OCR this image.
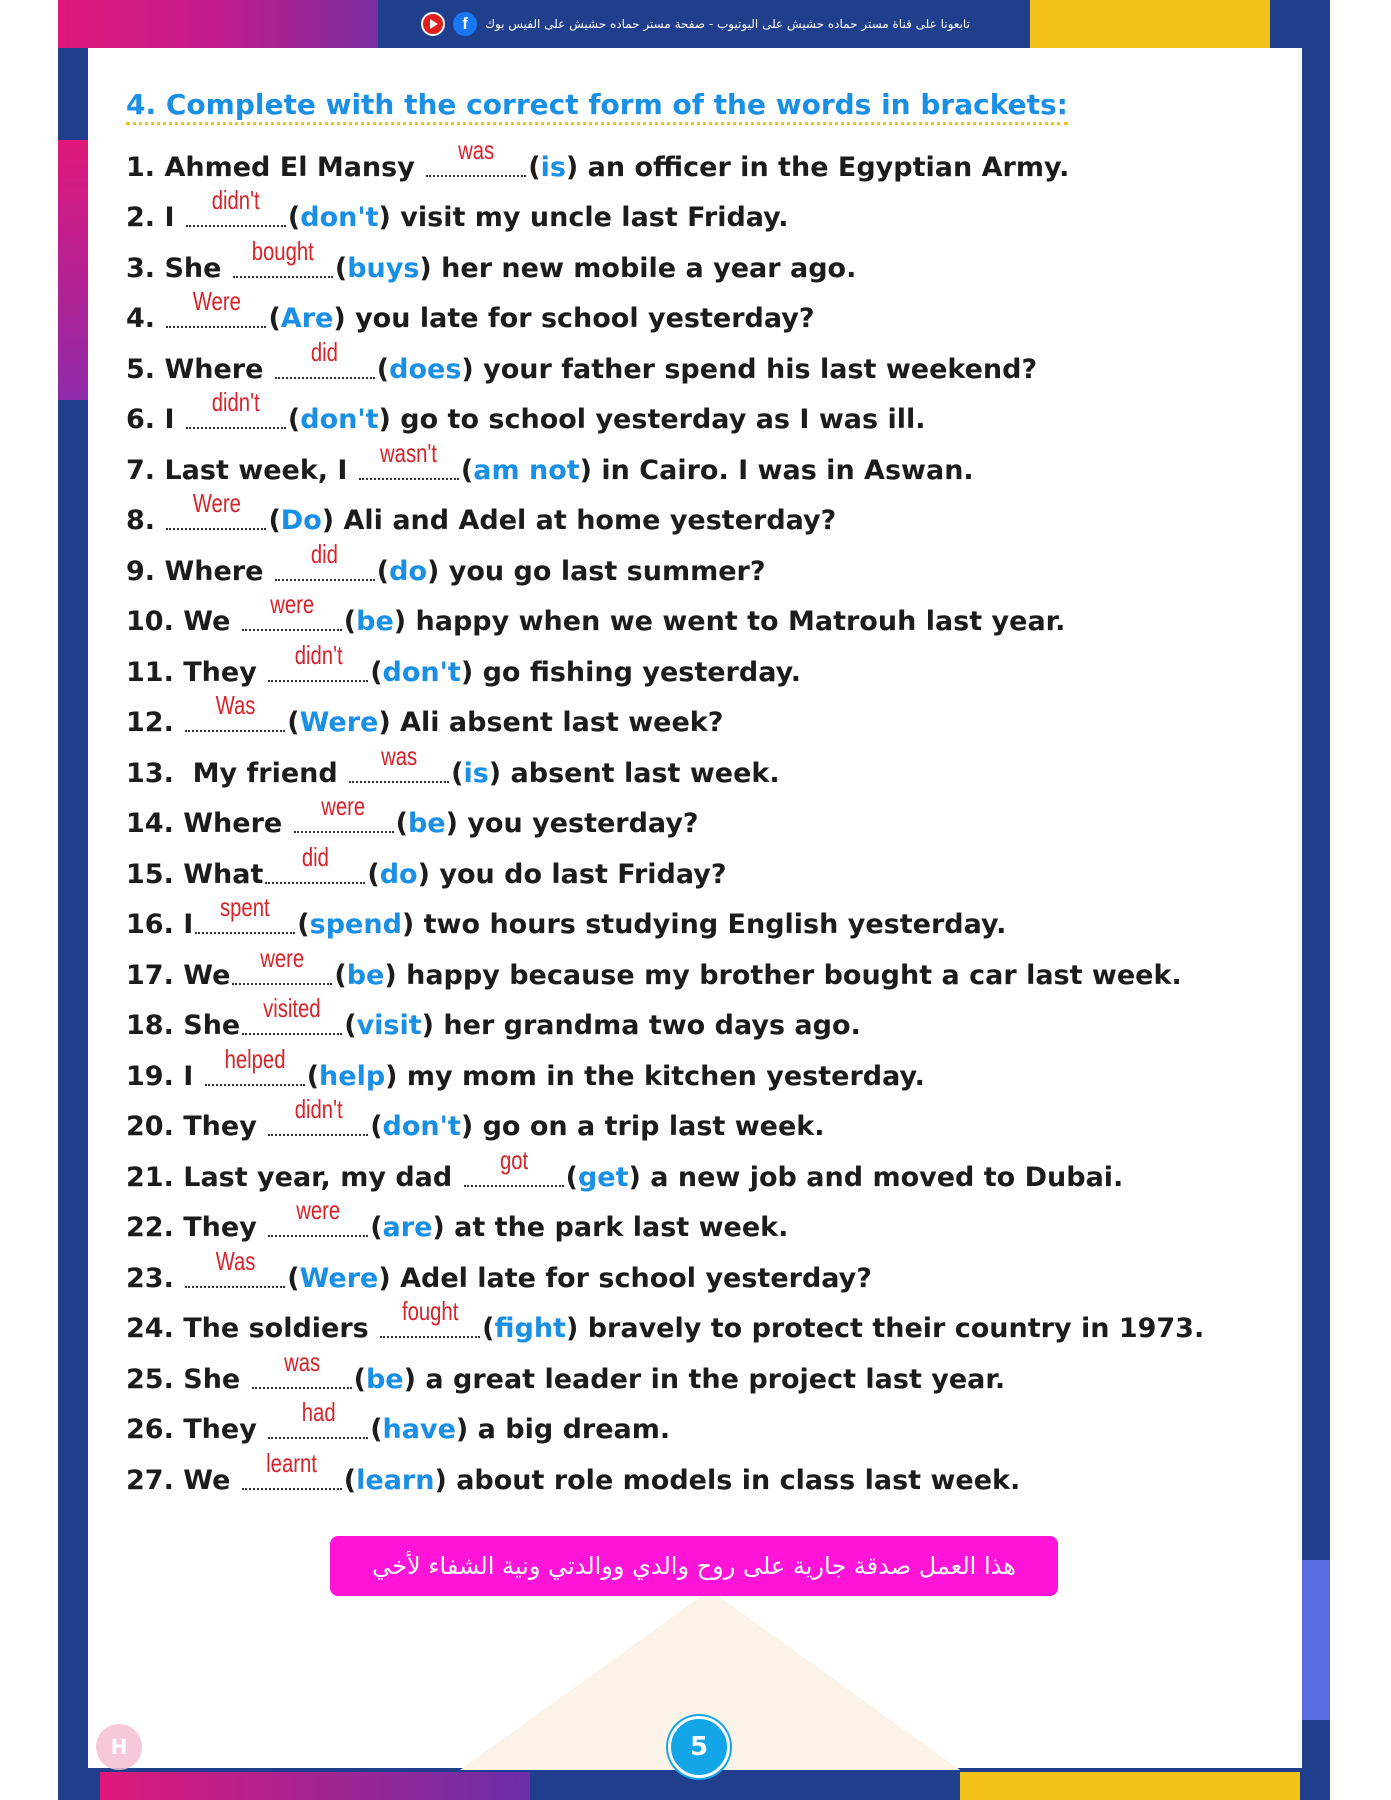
f	تابعونا على قناة مستر حماده حشيش على اليوتيوب - صفحة مستر حماده حشيش على الفيس بوك
4. Complete with the correct form of the words in brackets:
1.
Ahmed El Mansy
was
( is ) an officer in the Egyptian Army.
2.
I
didn't
( don't ) visit my uncle last Friday.
3.
She
bought
( buys ) her new mobile a year ago.
4.

Were
( Are ) you late for school yesterday?
5.
Where
did
( does ) your father spend his last weekend?
6.
I
didn't
( don't ) go to school yesterday as I was ill.
7.
Last week, I
wasn't
( am not ) in Cairo. I was in Aswan.
8.

Were
( Do ) Ali and Adel at home yesterday?
9.
Where
did
( do ) you go last summer?
10.
We
were
( be ) happy when we went to Matrouh last year.
11.
They
didn't
( don't ) go fishing yesterday.
12.

Was
( Were ) Ali absent last week?
13.
My friend
was
( is ) absent last week.
14.
Where
were
( be ) you yesterday?
15.
What
did
( do ) you do last Friday?
16.
I
spent
( spend ) two hours studying English yesterday.
17.
We
were
( be ) happy because my brother bought a car last week.
18.
She
visited
( visit ) her grandma two days ago.
19.
I
helped
( help ) my mom in the kitchen yesterday.
20.
They
didn't
( don't ) go on a trip last week.
21.
Last year, my dad
got
( get ) a new job and moved to Dubai.
22.
They
were
( are ) at the park last week.
23.

Was
( Were ) Adel late for school yesterday?
24.
The soldiers
fought
( fight ) bravely to protect their country in 1973.
25.
She
was
( be ) a great leader in the project last year.
26.
They
had
( have ) a big dream.
27.
We
learnt
( learn ) about role models in class last week.
هذا العمل صدقة جارية على روح والدي ووالدتي ونية الشفاء لأخي
H	5
